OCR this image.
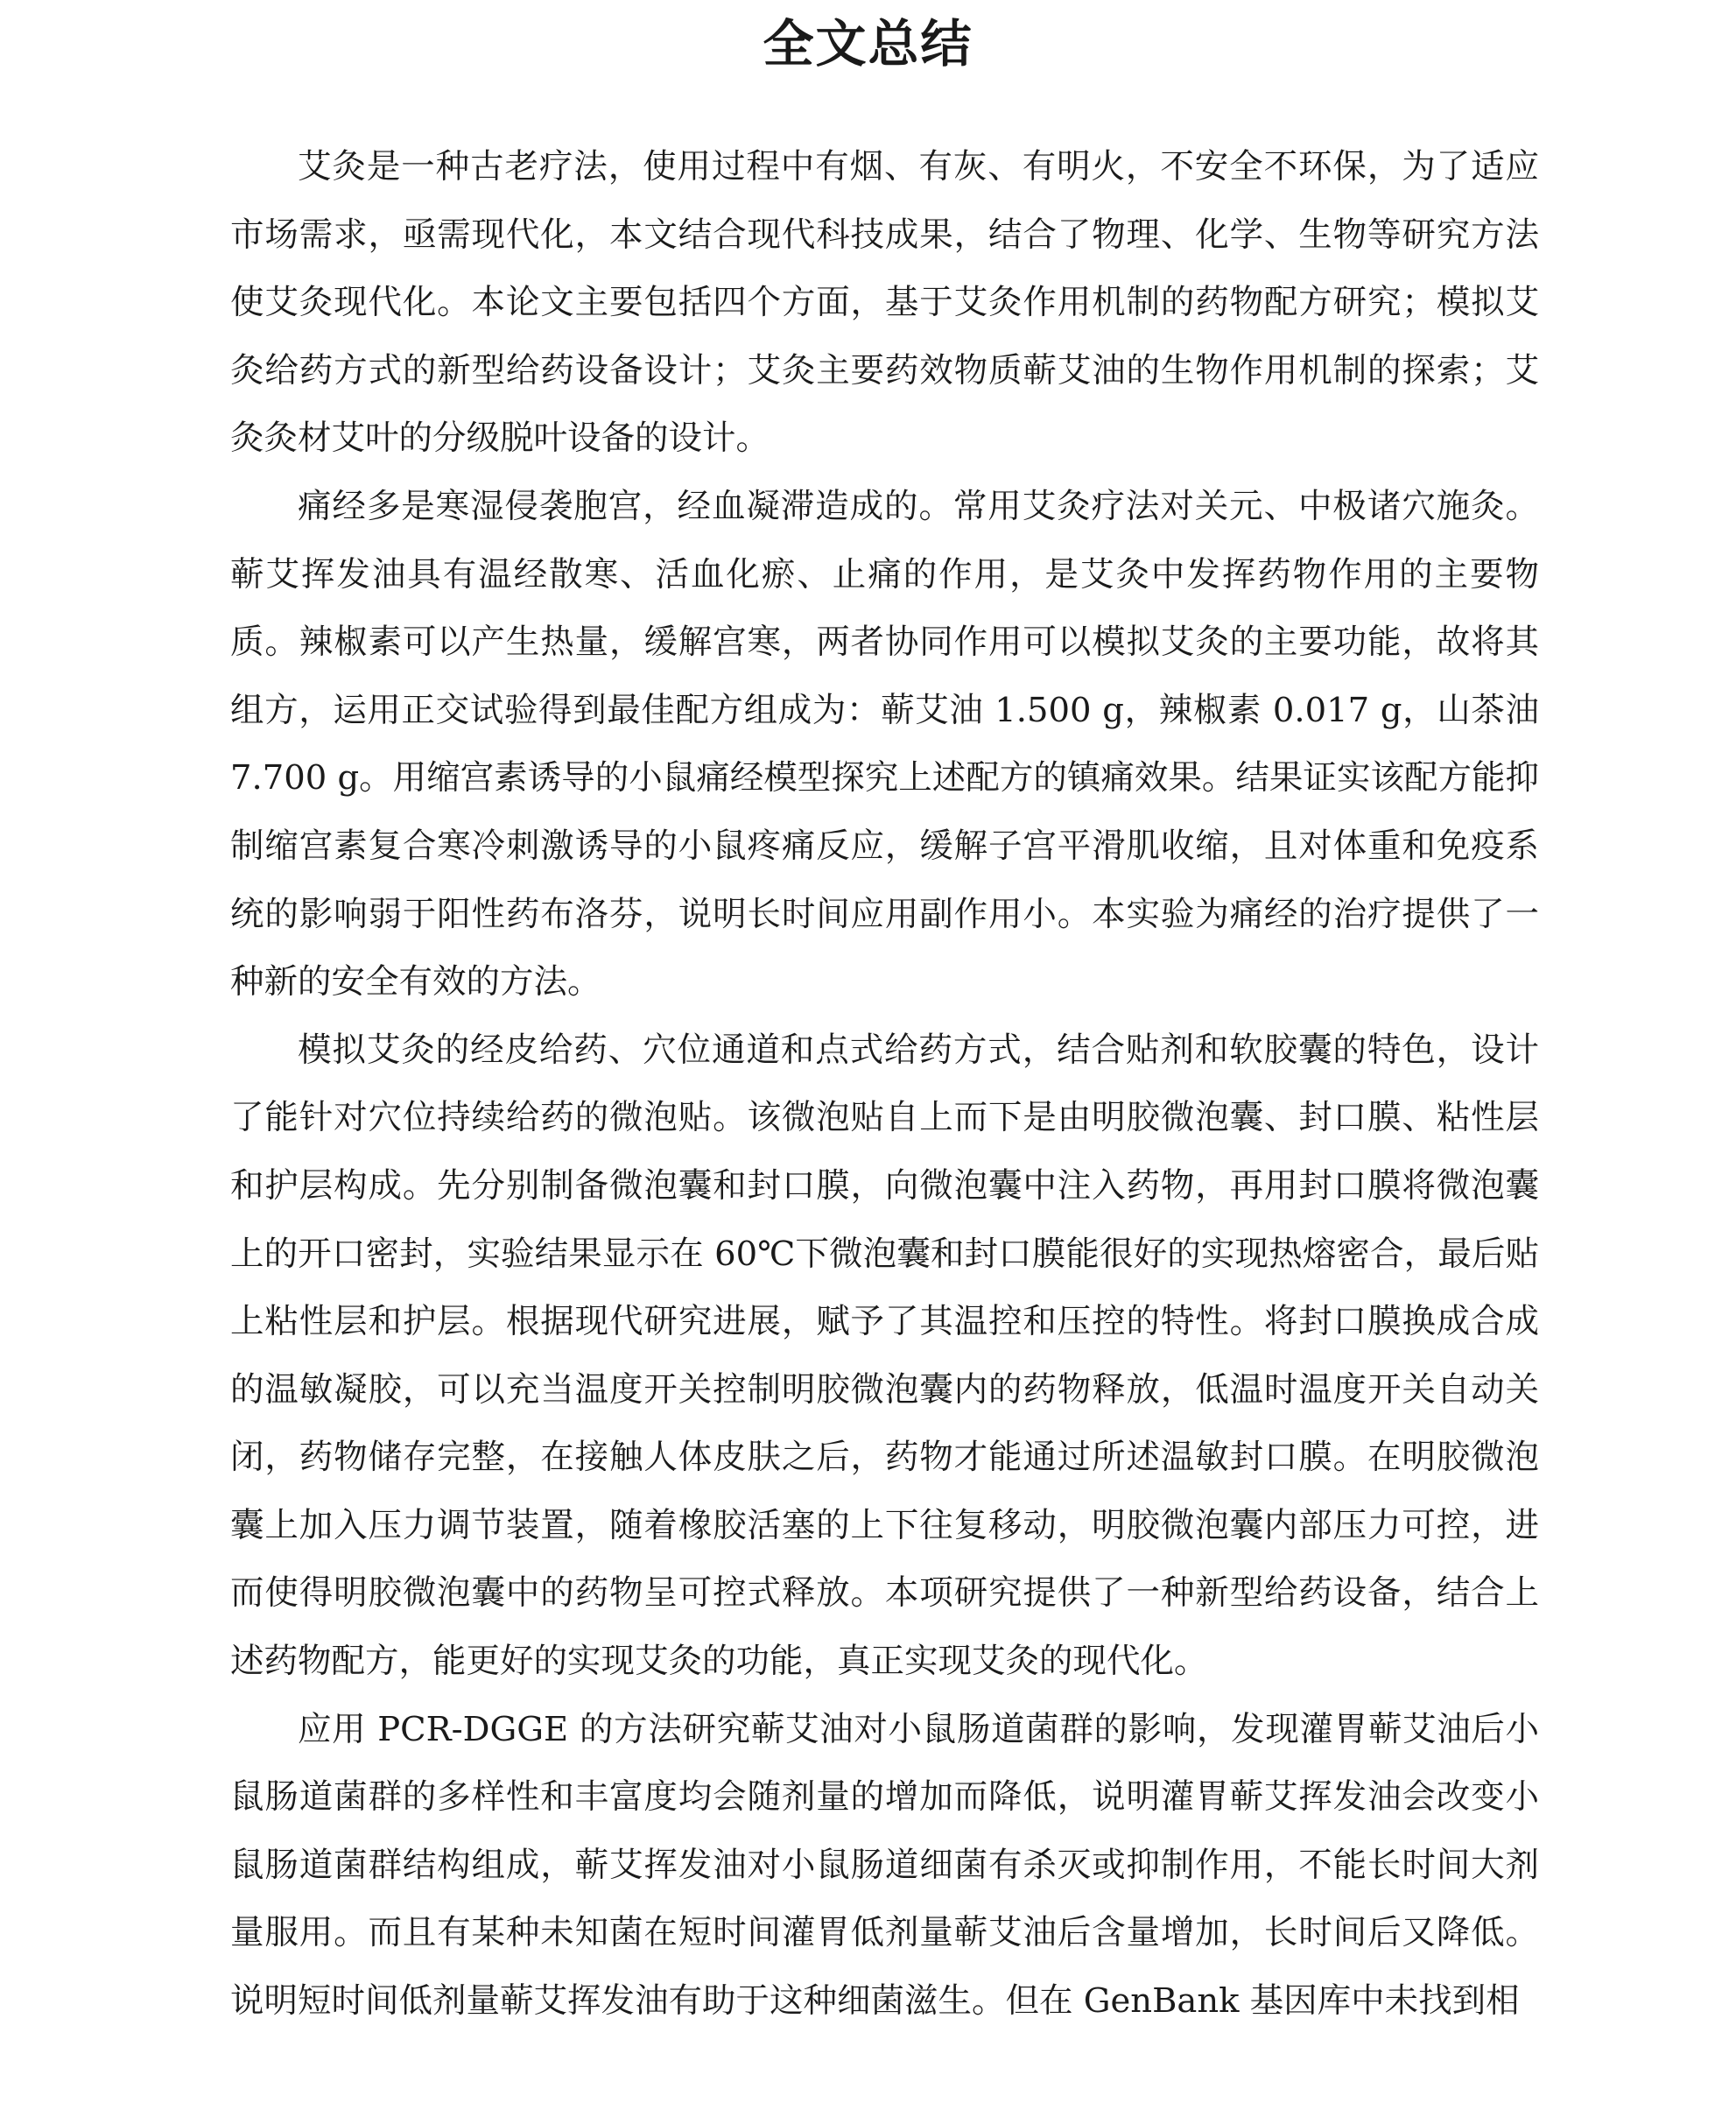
全文总结

艾灸是一种古老疗法，使用过程中有烟、有灰、有明火，不安全不环保，为了适应市场需求，亟需现代化，本文结合现代科技成果，结合了物理、化学、生物等研究方法使艾灸现代化。本论文主要包括四个方面，基于艾灸作用机制的药物配方研究；模拟艾灸给药方式的新型给药设备设计；艾灸主要药效物质蕲艾油的生物作用机制的探索；艾灸灸材艾叶的分级脱叶设备的设计。

痛经多是寒湿侵袭胞宫，经血凝滞造成的。常用艾灸疗法对关元、中极诸穴施灸。蕲艾挥发油具有温经散寒、活血化瘀、止痛的作用，是艾灸中发挥药物作用的主要物质。辣椒素可以产生热量，缓解宫寒，两者协同作用可以模拟艾灸的主要功能，故将其组方，运用正交试验得到最佳配方组成为：蕲艾油 1.500 g，辣椒素 0.017 g，山茶油 7.700 g。用缩宫素诱导的小鼠痛经模型探究上述配方的镇痛效果。结果证实该配方能抑制缩宫素复合寒冷刺激诱导的小鼠疼痛反应，缓解子宫平滑肌收缩，且对体重和免疫系统的影响弱于阳性药布洛芬，说明长时间应用副作用小。本实验为痛经的治疗提供了一种新的安全有效的方法。

模拟艾灸的经皮给药、穴位通道和点式给药方式，结合贴剂和软胶囊的特色，设计了能针对穴位持续给药的微泡贴。该微泡贴自上而下是由明胶微泡囊、封口膜、粘性层和护层构成。先分别制备微泡囊和封口膜，向微泡囊中注入药物，再用封口膜将微泡囊上的开口密封，实验结果显示在 60℃下微泡囊和封口膜能很好的实现热熔密合，最后贴上粘性层和护层。根据现代研究进展，赋予了其温控和压控的特性。将封口膜换成合成的温敏凝胶，可以充当温度开关控制明胶微泡囊内的药物释放，低温时温度开关自动关闭，药物储存完整，在接触人体皮肤之后，药物才能通过所述温敏封口膜。在明胶微泡囊上加入压力调节装置，随着橡胶活塞的上下往复移动，明胶微泡囊内部压力可控，进而使得明胶微泡囊中的药物呈可控式释放。本项研究提供了一种新型给药设备，结合上述药物配方，能更好的实现艾灸的功能，真正实现艾灸的现代化。

应用 PCR-DGGE 的方法研究蕲艾油对小鼠肠道菌群的影响，发现灌胃蕲艾油后小鼠肠道菌群的多样性和丰富度均会随剂量的增加而降低，说明灌胃蕲艾挥发油会改变小鼠肠道菌群结构组成，蕲艾挥发油对小鼠肠道细菌有杀灭或抑制作用，不能长时间大剂量服用。而且有某种未知菌在短时间灌胃低剂量蕲艾油后含量增加，长时间后又降低。说明短时间低剂量蕲艾挥发油有助于这种细菌滋生。但在 GenBank 基因库中未找到相
